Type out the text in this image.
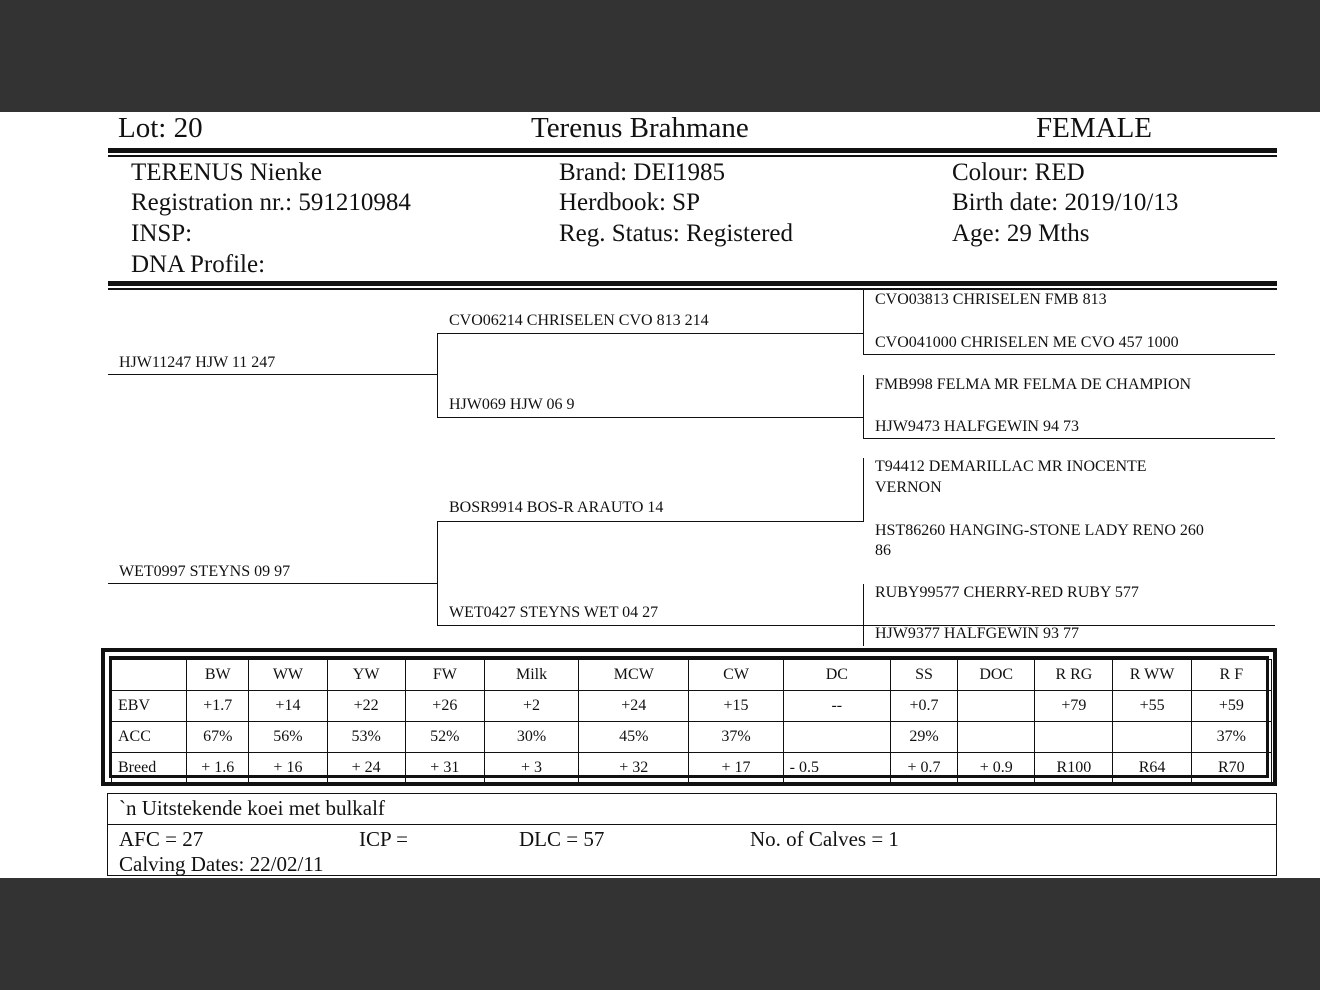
Lot: 20	Terenus Brahmane	FEMALE
TERENUS Nienke
Registration nr.: 591210984
INSP:
DNA Profile:
Brand: DEI1985
Herdbook: SP
Reg. Status: Registered
Colour: RED
Birth date: 2019/10/13
Age: 29 Mths
HJW11247 HJW 11 247
WET0997 STEYNS 09 97
CVO06214 CHRISELEN CVO 813 214
HJW069 HJW 06 9
BOSR9914 BOS-R ARAUTO 14
WET0427 STEYNS WET 04 27
CVO03813 CHRISELEN FMB 813
CVO041000 CHRISELEN ME CVO 457 1000
FMB998 FELMA MR FELMA DE CHAMPION
HJW9473 HALFGEWIN 94 73
T94412 DEMARILLAC MR INOCENTE
VERNON
HST86260 HANGING-STONE LADY RENO 260
86
RUBY99577 CHERRY-RED RUBY 577
HJW9377 HALFGEWIN 93 77
	BW	WW	YW	FW	Milk	MCW	CW	DC	SS	DOC	R RG	R WW	R F
EBV	+1.7	+14	+22	+26	+2	+24	+15	--	+0.7		+79	+55	+59
ACC	67%	56%	53%	52%	30%	45%	37%		29%				37%
Breed	+ 1.6	+ 16	+ 24	+ 31	+ 3	+ 32	+ 17	- 0.5	+ 0.7	+ 0.9	R100	R64	R70
`n Uitstekende koei met bulkalf
AFC = 27	ICP =	DLC = 57	No. of Calves = 1
Calving Dates: 22/02/11
